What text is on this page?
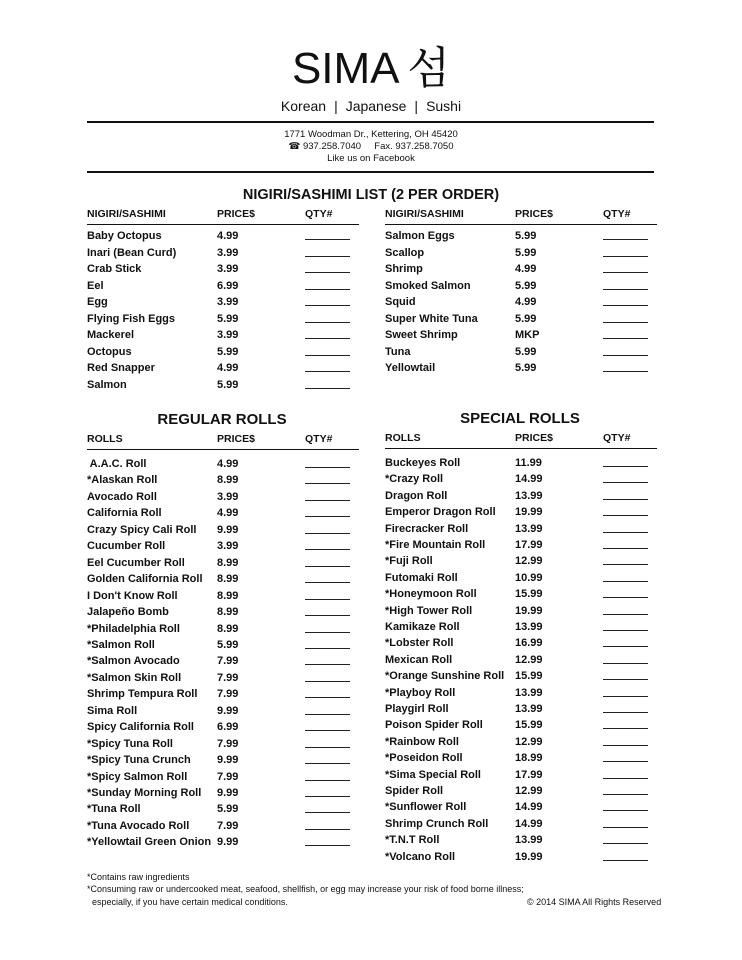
SIMA 섬
Korean | Japanese | Sushi
1771 Woodman Dr., Kettering, OH 45420
☎ 937.258.7040     Fax. 937.258.7050
Like us on Facebook
NIGIRI/SASHIMI LIST (2 PER ORDER)
NIGIRI/SASHIMI	PRICE$	QTY#
Baby Octopus	4.99
Inari (Bean Curd)	3.99
Crab Stick	3.99
Eel	6.99
Egg	3.99
Flying Fish Eggs	5.99
Mackerel	3.99
Octopus	5.99
Red Snapper	4.99
Salmon	5.99
NIGIRI/SASHIMI	PRICE$	QTY#
Salmon Eggs	5.99
Scallop	5.99
Shrimp	4.99
Smoked Salmon	5.99
Squid	4.99
Super White Tuna	5.99
Sweet Shrimp	MKP
Tuna	5.99
Yellowtail	5.99
REGULAR ROLLS
ROLLS	PRICE$	QTY#
A.A.C. Roll	4.99
*Alaskan Roll	8.99
Avocado Roll	3.99
California Roll	4.99
Crazy Spicy Cali Roll 9.99
Cucumber Roll	3.99
Eel Cucumber Roll	8.99
Golden California Roll 8.99
I Don't Know Roll	8.99
Jalapeño Bomb	8.99
*Philadelphia Roll	8.99
*Salmon Roll	5.99
*Salmon Avocado	7.99
*Salmon Skin Roll	7.99
Shrimp Tempura Roll 7.99
Sima Roll	9.99
Spicy California Roll 6.99
*Spicy Tuna Roll	7.99
*Spicy Tuna Crunch 9.99
*Spicy Salmon Roll	7.99
*Sunday Morning Roll 9.99
*Tuna Roll	5.99
*Tuna Avocado Roll	7.99
*Yellowtail Green Onion 9.99
SPECIAL ROLLS
ROLLS	PRICE$	QTY#
Buckeyes Roll	11.99
*Crazy Roll	14.99
Dragon Roll	13.99
Emperor Dragon Roll 19.99
Firecracker Roll	13.99
*Fire Mountain Roll	17.99
*Fuji Roll	12.99
Futomaki Roll	10.99
*Honeymoon Roll	15.99
*High Tower Roll	19.99
Kamikaze Roll	13.99
*Lobster Roll	16.99
Mexican Roll	12.99
*Orange Sunshine Roll 15.99
*Playboy Roll	13.99
Playgirl Roll	13.99
Poison Spider Roll	15.99
*Rainbow Roll	12.99
*Poseidon Roll	18.99
*Sima Special Roll	17.99
Spider Roll	12.99
*Sunflower Roll	14.99
Shrimp Crunch Roll 14.99
*T.N.T Roll	13.99
*Volcano Roll	19.99
*Contains raw ingredients
*Consuming raw or undercooked meat, seafood, shellfish, or egg may increase your risk of food borne illness;
especially, if you have certain medical conditions.	© 2014 SIMA All Rights Reserved
